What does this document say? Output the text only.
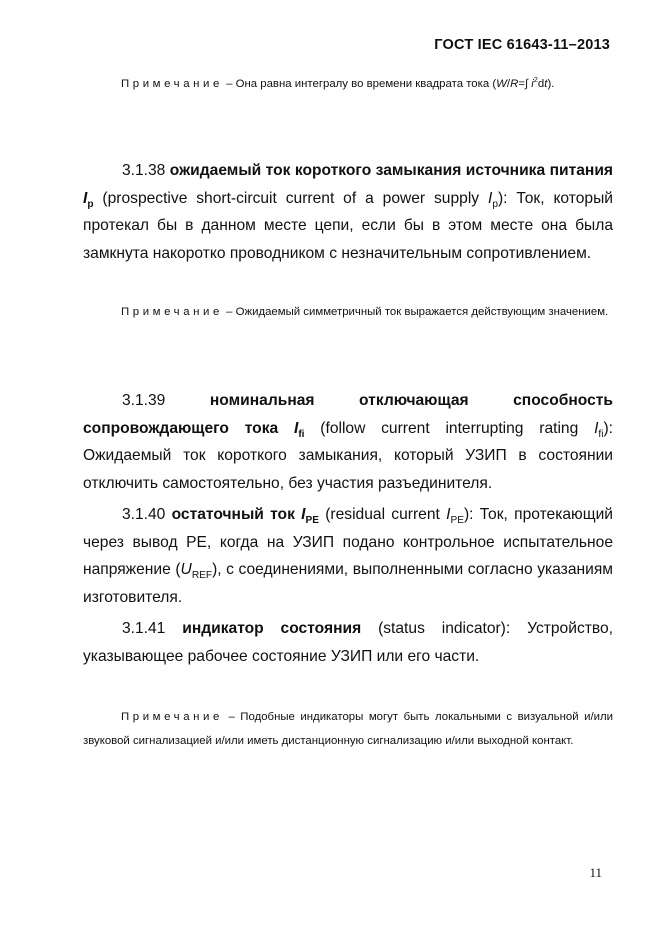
ГОСТ IEC 61643-11–2013
Примечание – Она равна интегралу во времени квадрата тока (W/R=∫ $i^2dt$).
3.1.38 ожидаемый ток короткого замыкания источника питания $I_p$ (prospective short-circuit current of a power supply $I_p$): Ток, который протекал бы в данном месте цепи, если бы в этом месте она была замкнута накоротко проводником с незначительным сопротивлением.
Примечание – Ожидаемый симметричный ток выражается действующим значением.
3.1.39 номинальная отключающая способность сопровождающего тока $I_{fi}$ (follow current interrupting rating $I_{fi}$): Ожидаемый ток короткого замыкания, который УЗИП в состоянии отключить самостоятельно, без участия разъединителя.
3.1.40 остаточный ток $I_{PE}$ (residual current $I_{PE}$): Ток, протекающий через вывод PE, когда на УЗИП подано контрольное испытательное напряжение $(U_{REF})$, с соединениями, выполненными согласно указаниям изготовителя.
3.1.41 индикатор состояния (status indicator): Устройство, указывающее рабочее состояние УЗИП или его части.
Примечание – Подобные индикаторы могут быть локальными с визуальной и/или звуковой сигнализацией и/или иметь дистанционную сигнализацию и/или выходной контакт.
11
